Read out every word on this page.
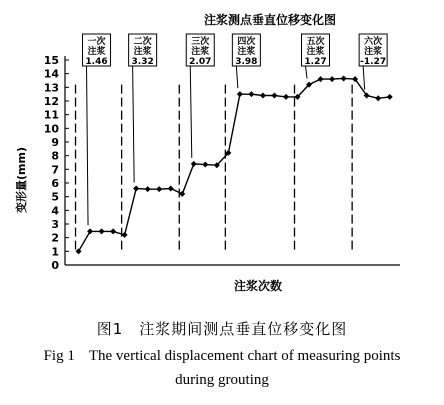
注浆测点垂直位移变化图
变形量(mm)
注浆次数
0
1
2
3
4
5
6
7
8
9
10
11
12
13
14
15
一次
注浆
1.46
二次
注浆
3.32
三次
注浆
2.07
四次
注浆
3.98
五次
注浆
1.27
六次
注浆
-1.27
图1　注浆期间测点垂直位移变化图
Fig 1 The vertical displacement chart of measuring points
during grouting
